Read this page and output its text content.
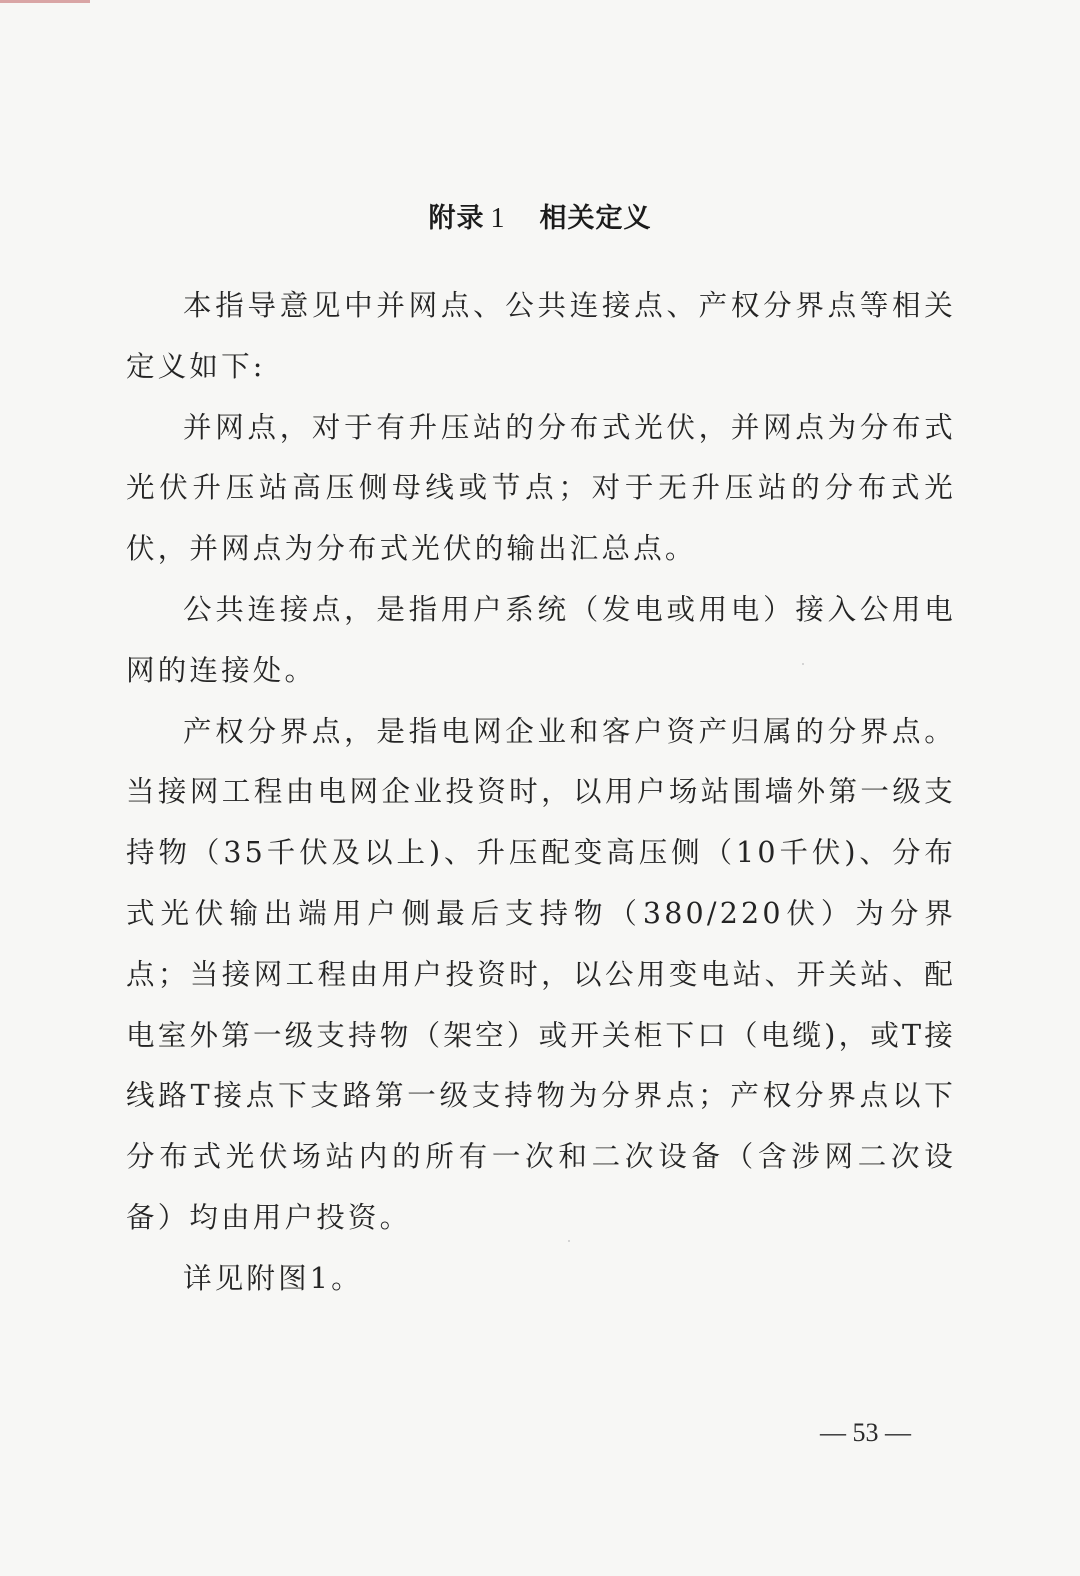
附录 1 相关定义

本指导意见中并网点、公共连接点、产权分界点等相关定义如下:

并网点，对于有升压站的分布式光伏，并网点为分布式光伏升压站高压侧母线或节点；对于无升压站的分布式光伏，并网点为分布式光伏的输出汇总点。

公共连接点，是指用户系统（发电或用电）接入公用电网的连接处。

产权分界点，是指电网企业和客户资产归属的分界点。当接网工程由电网企业投资时，以用户场站围墙外第一级支持物（35千伏及以上)、升压配变高压侧（10千伏)、分布式光伏输出端用户侧最后支持物（380/220伏）为分界点；当接网工程由用户投资时，以公用变电站、开关站、配电室外第一级支持物（架空）或开关柜下口（电缆)，或T接线路T接点下支路第一级支持物为分界点；产权分界点以下分布式光伏场站内的所有一次和二次设备（含涉网二次设备）均由用户投资。

详见附图1。

— 53 —
